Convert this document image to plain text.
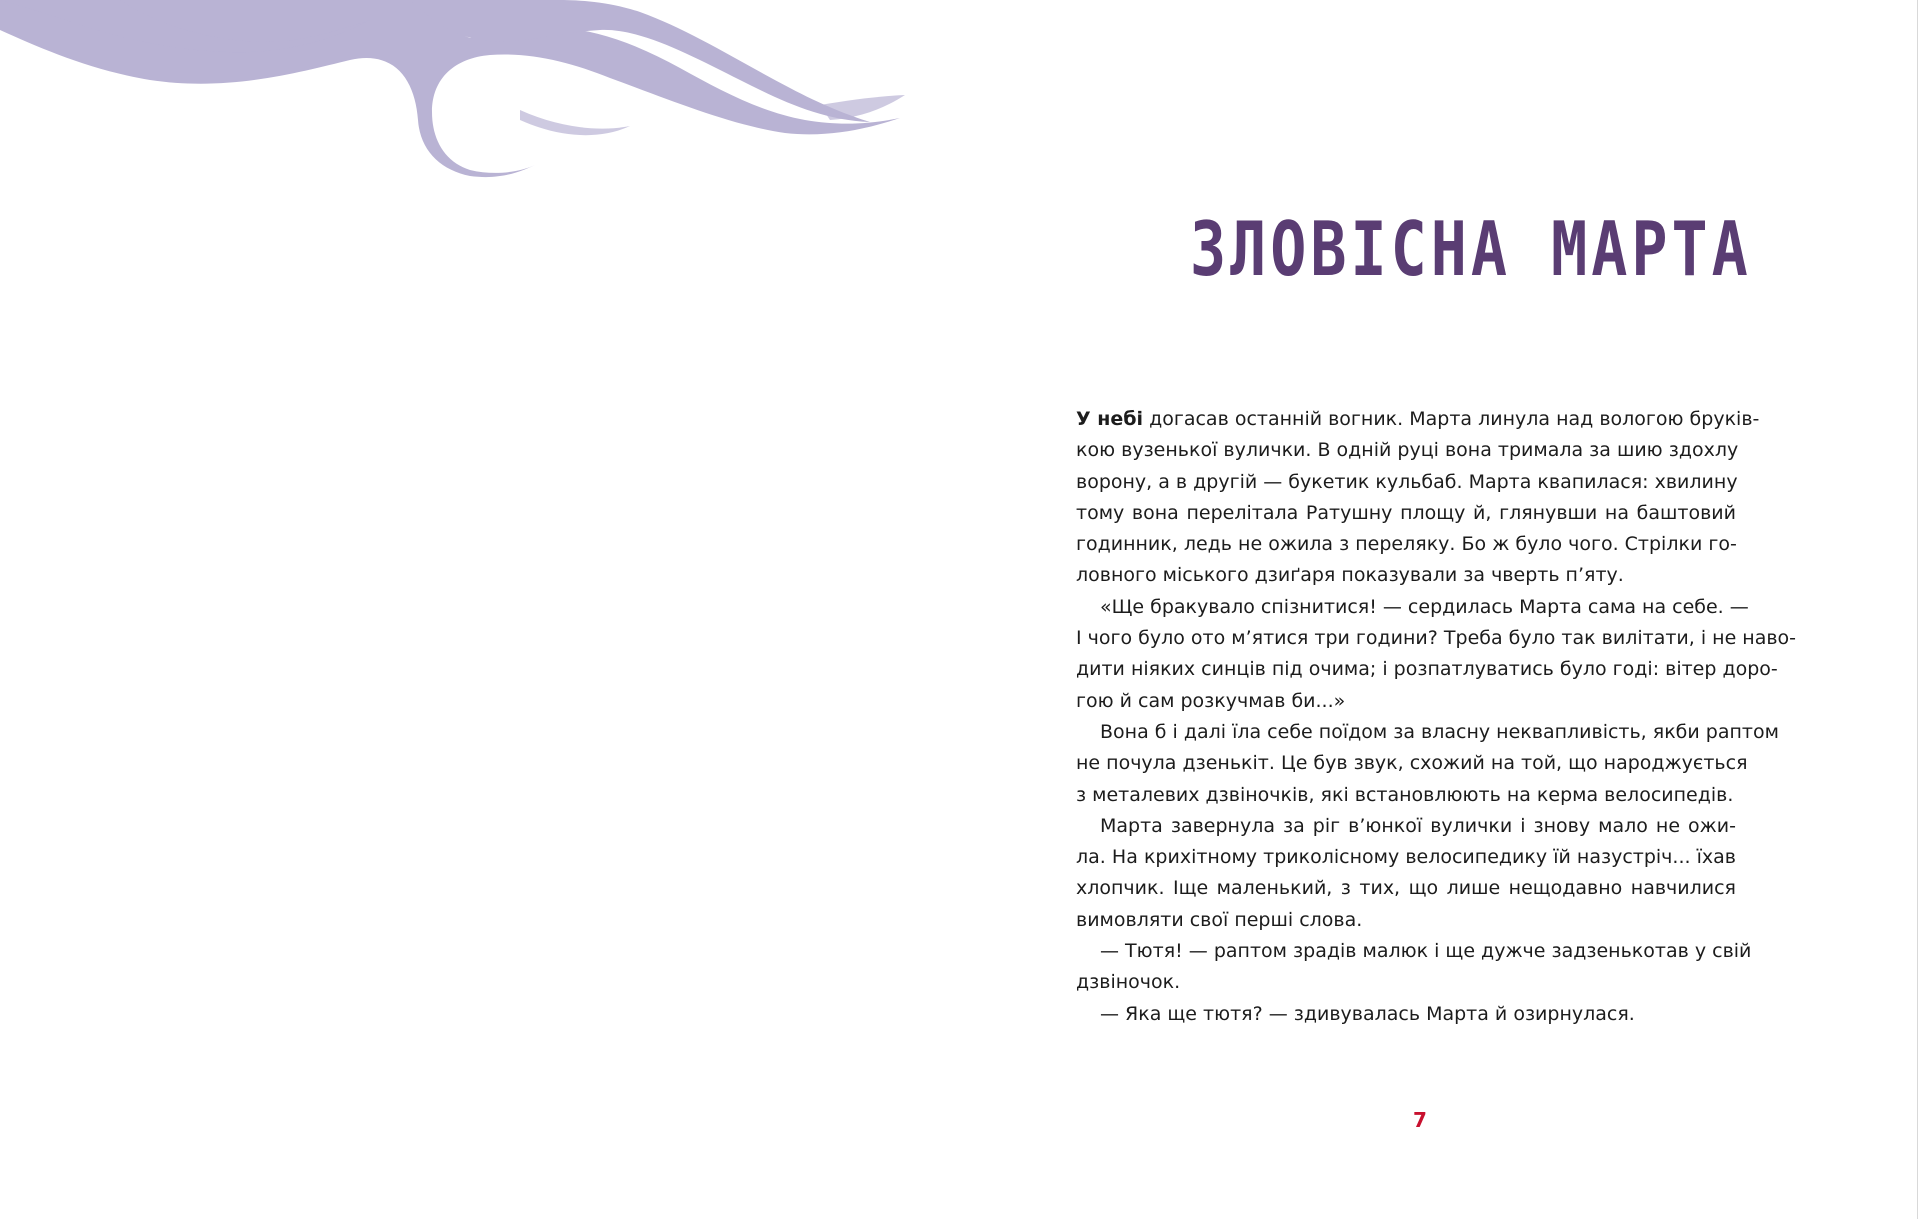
ЗЛОВІСНА МАРТА
У небі догасав останній вогник. Марта линула над вологою бруків-
кою вузенької вулички. В одній руці вона тримала за шию здохлу
ворону, а в другій — букетик кульбаб. Марта квапилася: хвилину
тому вона перелітала Ратушну площу й, глянувши на баштовий
годинник, ледь не ожила з переляку. Бо ж було чого. Стрілки го-
ловного міського дзиґаря показували за чверть п’яту.
«Ще бракувало спізнитися! — сердилась Марта сама на себе. —
І чого було ото м’ятися три години? Треба було так вилітати, і не наво-
дити ніяких синців під очима; і розпатлуватись було годі: вітер доро-
гою й сам розкучмав би...»
Вона б і далі їла себе поїдом за власну неквапливість, якби раптом
не почула дзенькіт. Це був звук, схожий на той, що народжується
з металевих дзвіночків, які встановлюють на керма велосипедів.
Марта завернула за ріг в’юнкої вулички і знову мало не ожи-
ла. На крихітному триколісному велосипедику їй назустріч... їхав
хлопчик. Іще маленький, з тих, що лише нещодавно навчилися
вимовляти свої перші слова.
— Тютя! — раптом зрадів малюк і ще дужче задзенькотав у свій
дзвіночок.
— Яка ще тютя? — здивувалась Марта й озирнулася.
7
